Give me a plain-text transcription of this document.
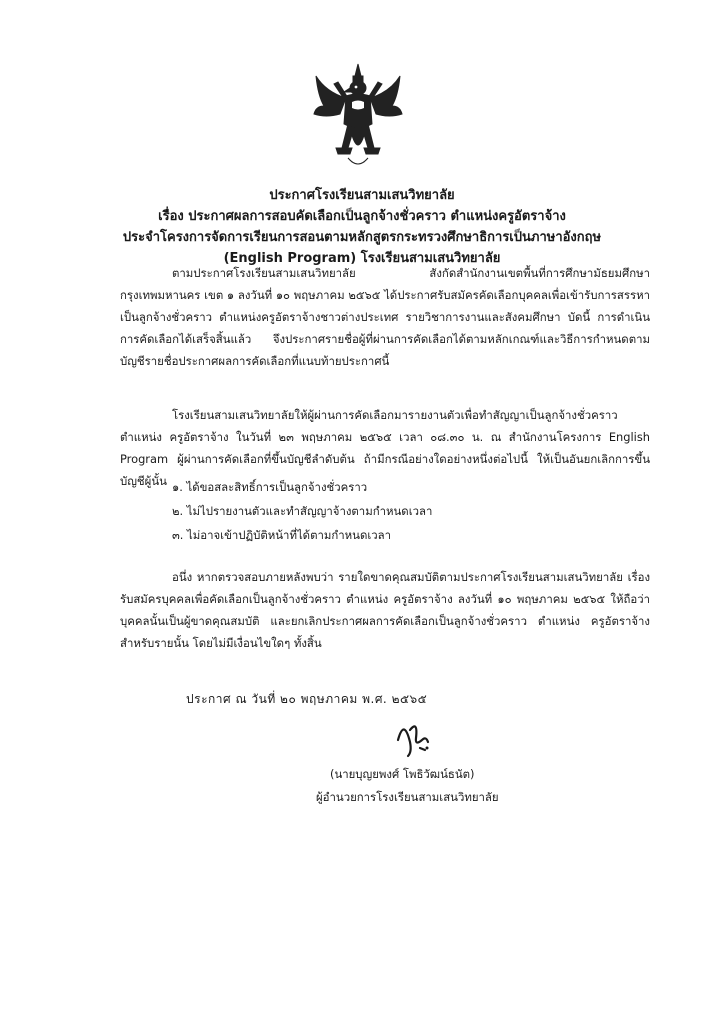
ประกาศโรงเรียนสามเสนวิทยาลัย
เรื่อง ประกาศผลการสอบคัดเลือกเป็นลูกจ้างชั่วคราว ตำแหน่งครูอัตราจ้าง
ประจำโครงการจัดการเรียนการสอนตามหลักสูตรกระทรวงศึกษาธิการเป็นภาษาอังกฤษ
(English Program) โรงเรียนสามเสนวิทยาลัย
ตามประกาศโรงเรียนสามเสนวิทยาลัย สังกัดสำนักงานเขตพื้นที่การศึกษามัธยมศึกษากรุงเทพมหานคร เขต ๑ ลงวันที่ ๑๐ พฤษภาคม ๒๕๖๕ ได้ประกาศรับสมัครคัดเลือกบุคคลเพื่อเข้ารับการสรรหาเป็นลูกจ้างชั่วคราว ตำแหน่งครูอัตราจ้างชาวต่างประเทศ รายวิชาการงานและสังคมศึกษา บัดนี้ การดำเนินการคัดเลือกได้เสร็จสิ้นแล้ว จึงประกาศรายชื่อผู้ที่ผ่านการคัดเลือกได้ตามหลักเกณฑ์และวิธีการกำหนดตามบัญชีรายชื่อประกาศผลการคัดเลือกที่แนบท้ายประกาศนี้
โรงเรียนสามเสนวิทยาลัยให้ผู้ผ่านการคัดเลือกมารายงานตัวเพื่อทำสัญญาเป็นลูกจ้างชั่วคราวตำแหน่ง ครูอัตราจ้าง ในวันที่ ๒๓ พฤษภาคม ๒๕๖๕ เวลา ๐๘.๓๐ น. ณ สำนักงานโครงการ English Program ผู้ผ่านการคัดเลือกที่ขึ้นบัญชีลำดับต้น ถ้ามีกรณีอย่างใดอย่างหนึ่งต่อไปนี้ ให้เป็นอันยกเลิกการขึ้นบัญชีผู้นั้น ๑. ได้ขอสละสิทธิ์การเป็นลูกจ้างชั่วคราว
๒. ไม่ไปรายงานตัวและทำสัญญาจ้างตามกำหนดเวลา
๓. ไม่อาจเข้าปฏิบัติหน้าที่ได้ตามกำหนดเวลา
อนึ่ง หากตรวจสอบภายหลังพบว่า รายใดขาดคุณสมบัติตามประกาศโรงเรียนสามเสนวิทยาลัย เรื่อง รับสมัครบุคคลเพื่อคัดเลือกเป็นลูกจ้างชั่วคราว ตำแหน่ง ครูอัตราจ้าง ลงวันที่ ๑๐ พฤษภาคม ๒๕๖๕ ให้ถือว่าบุคคลนั้นเป็นผู้ขาดคุณสมบัติ และยกเลิกประกาศผลการคัดเลือกเป็นลูกจ้างชั่วคราว ตำแหน่ง ครูอัตราจ้าง สำหรับรายนั้น โดยไม่มีเงื่อนไขใดๆ ทั้งสิ้น
ประกาศ ณ วันที่ ๒๐ พฤษภาคม พ.ศ. ๒๕๖๕
(นายบุญยพงศ์ โพธิวัฒน์ธนัต)
ผู้อำนวยการโรงเรียนสามเสนวิทยาลัย
